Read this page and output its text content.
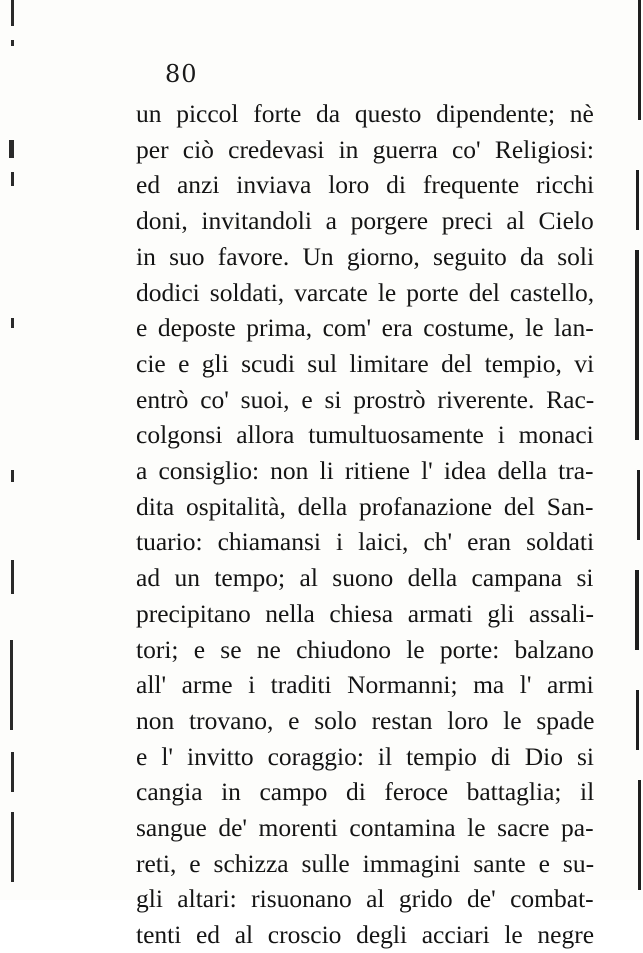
80
un piccol forte da questo dipendente; nè
per ciò credevasi in guerra co' Religiosi:
ed anzi inviava loro di frequente ricchi
doni, invitandoli a porgere preci al Cielo
in suo favore. Un giorno, seguito da soli
dodici soldati, varcate le porte del castello,
e deposte prima, com' era costume, le lan-
cie e gli scudi sul limitare del tempio, vi
entrò co' suoi, e si prostrò riverente. Rac-
colgonsi allora tumultuosamente i monaci
a consiglio: non li ritiene l' idea della tra-
dita ospitalità, della profanazione del San-
tuario: chiamansi i laici, ch' eran soldati
ad un tempo; al suono della campana si
precipitano nella chiesa armati gli assali-
tori; e se ne chiudono le porte: balzano
all' arme i traditi Normanni; ma l' armi
non trovano, e solo restan loro le spade
e l' invitto coraggio: il tempio di Dio si
cangia in campo di feroce battaglia; il
sangue de' morenti contamina le sacre pa-
reti, e schizza sulle immagini sante e su-
gli altari: risuonano al grido de' combat-
tenti ed al croscio degli acciari le negre
